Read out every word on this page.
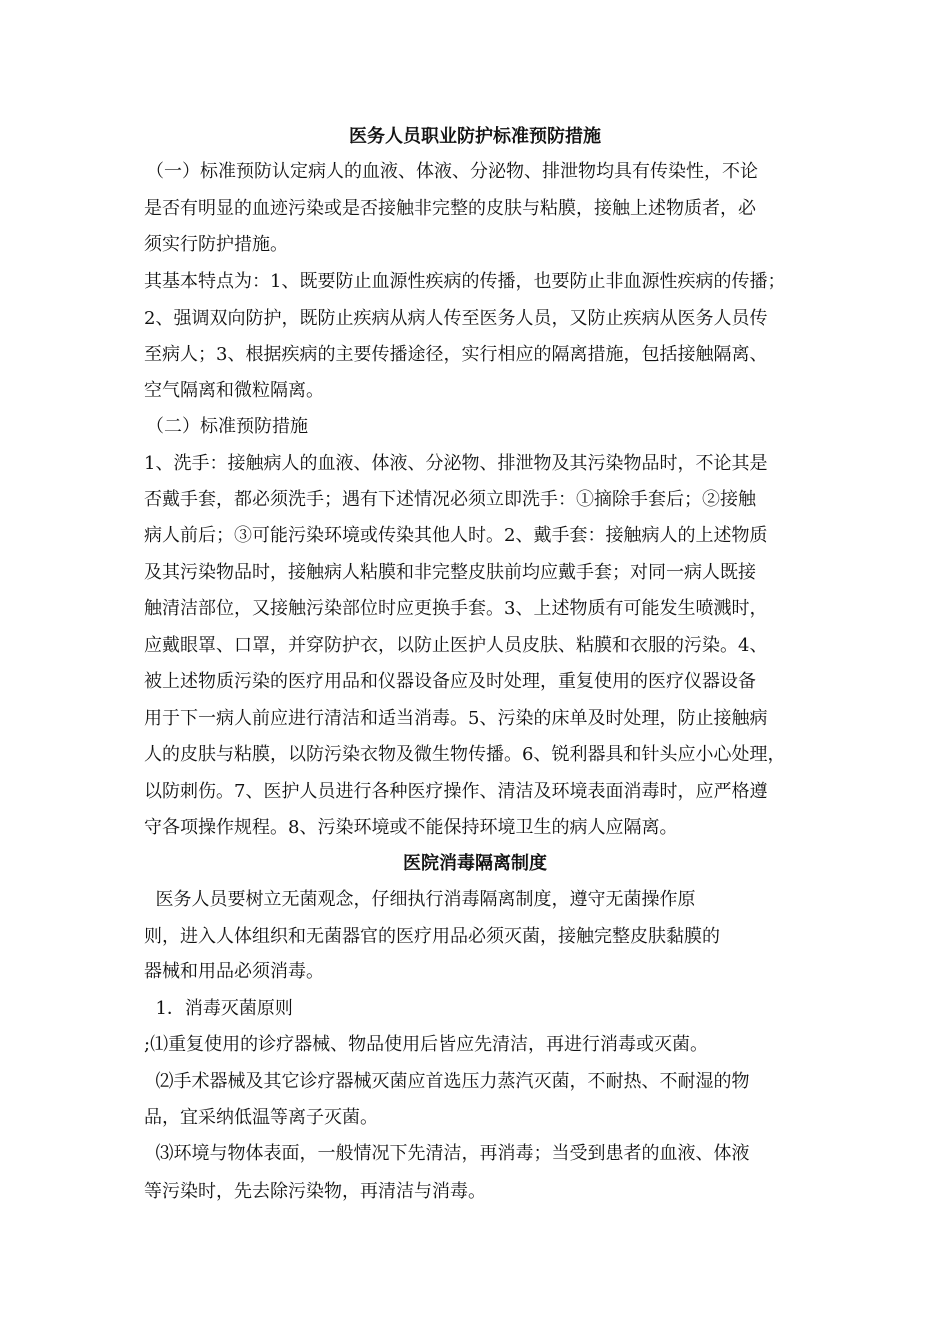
医务人员职业防护标准预防措施
（一）标准预防认定病人的血液、体液、分泌物、排泄物均具有传染性，不论
是否有明显的血迹污染或是否接触非完整的皮肤与粘膜，接触上述物质者，必
须实行防护措施。
其基本特点为：1、既要防止血源性疾病的传播，也要防止非血源性疾病的传播；
2、强调双向防护，既防止疾病从病人传至医务人员，又防止疾病从医务人员传
至病人；3、根据疾病的主要传播途径，实行相应的隔离措施，包括接触隔离、
空气隔离和微粒隔离。
（二）标准预防措施
1、洗手：接触病人的血液、体液、分泌物、排泄物及其污染物品时，不论其是
否戴手套，都必须洗手；遇有下述情况必须立即洗手：①摘除手套后；②接触
病人前后；③可能污染环境或传染其他人时。2、戴手套：接触病人的上述物质
及其污染物品时，接触病人粘膜和非完整皮肤前均应戴手套；对同一病人既接
触清洁部位，又接触污染部位时应更换手套。3、上述物质有可能发生喷溅时，
应戴眼罩、口罩，并穿防护衣，以防止医护人员皮肤、粘膜和衣服的污染。4、
被上述物质污染的医疗用品和仪器设备应及时处理，重复使用的医疗仪器设备
用于下一病人前应进行清洁和适当消毒。5、污染的床单及时处理，防止接触病
人的皮肤与粘膜，以防污染衣物及微生物传播。6、锐利器具和针头应小心处理，
以防刺伤。7、医护人员进行各种医疗操作、清洁及环境表面消毒时，应严格遵
守各项操作规程。8、污染环境或不能保持环境卫生的病人应隔离。
医院消毒隔离制度
医务人员要树立无菌观念，仔细执行消毒隔离制度，遵守无菌操作原
则，进入人体组织和无菌器官的医疗用品必须灭菌，接触完整皮肤黏膜的
器械和用品必须消毒。
1．消毒灭菌原则
;⑴重复使用的诊疗器械、物品使用后皆应先清洁，再进行消毒或灭菌。
⑵手术器械及其它诊疗器械灭菌应首选压力蒸汽灭菌，不耐热、不耐湿的物
品，宜采纳低温等离子灭菌。
⑶环境与物体表面，一般情况下先清洁，再消毒；当受到患者的血液、体液
等污染时，先去除污染物，再清洁与消毒。
